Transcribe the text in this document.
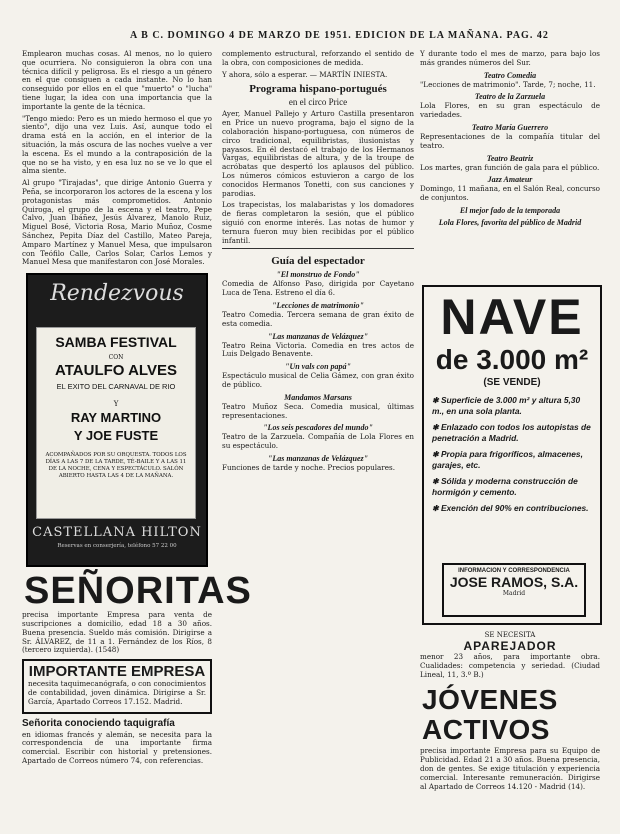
A B C. DOMINGO 4 DE MARZO DE 1951. EDICION DE LA MAÑANA. PAG. 42

Emplearon muchas cosas. Al menos, no lo quiero que ocurriera. No consiguieron la obra con una técnica difícil y peligrosa. Es el riesgo a un género en el que consiguen a cada instante. No lo han conseguido por ellos en el que "muerto" o "lucha" tiene lugar, la idea con una importancia que la importante la gente de la técnica.

"Tengo miedo: Pero es un miedo hermoso el que yo siento", dijo una vez Luis. Así, aunque todo el drama está en la acción, en el interior de la situación, la más oscura de las noches vuelve a ver la escena. Es el mundo a la contraposición de la que no se ha visto, y en esa luz no se ve lo que el alma siente.

Al grupo "Tirajadas", que dirige Antonio Guerra y Peña, se incorporaron los actores de la escena y los protagonistas más comprometidos. Antonio Quiroga, el grupo de la escena y el teatro, Pepe Calvo, Juan Ibáñez, Jesús Álvarez, Manolo Ruiz, Miguel Bosé, Victoria Rosa, Mario Muñoz, Cosme Sánchez, Pepita Díaz del Castillo, Mateo Pareja, Amparo Martínez y Manuel Mesa, que impulsaron con Teófilo Calle, Carlos Solar, Carlos Lemos y Manuel Mesa que manifestaron con José Morales.

Rendezvous
SAMBA FESTIVAL
CON
ATAULFO ALVES
EL EXITO DEL CARNAVAL DE RIO
Y
RAY MARTINO
Y JOE FUSTE
ACOMPAÑADOS POR SU ORQUESTA. TODOS LOS DÍAS A LAS 7 DE LA TARDE, TÉ-BAILE Y A LAS 11 DE LA NOCHE, CENA Y ESPECTÁCULO. SALÓN ABIERTO HASTA LAS 4 DE LA MAÑANA.
CASTELLANA HILTON
Reservas en conserjería, teléfono 57 22 00
SEÑORITAS

precisa importante Empresa para venta de suscripciones a domicilio, edad 18 a 30 años. Buena presencia. Sueldo más comisión. Dirigirse a Sr. ÁLVAREZ, de 11 a 1. Fernández de los Ríos, 8 (tercero izquierda). (1548)

IMPORTANTE EMPRESA

necesita taquimecanógrafa, o con conocimientos de contabilidad, joven dinámica. Dirigirse a Sr. García, Apartado Correos 17.152. Madrid.

Señorita conociendo taquigrafía

en idiomas francés y alemán, se necesita para la correspondencia de una importante firma comercial. Escribir con historial y pretensiones. Apartado de Correos número 74, con referencias.

complemento estructural, reforzando el sentido de la obra, con composiciones de medida.

Y ahora, sólo a esperar. — MARTÍN INIESTA.

Programa hispano-portugués
en el circo Price

Ayer, Manuel Pallejo y Arturo Castilla presentaron en Price un nuevo programa, bajo el signo de la colaboración hispano-portuguesa, con números de circo tradicional, equilibristas, ilusionistas y payasos. En él destacó el trabajo de los Hermanos Vargas, equilibristas de altura, y de la troupe de acróbatas que despertó los aplausos del público. Los números cómicos estuvieron a cargo de los conocidos Hermanos Tonetti, con sus canciones y parodias.

Los trapecistas, los malabaristas y los domadores de fieras completaron la sesión, que el público siguió con enorme interés. Las notas de humor y ternura fueron muy bien recibidas por el público infantil.

Guía del espectador
"El monstruo de Fondo"

Comedia de Alfonso Paso, dirigida por Cayetano Luca de Tena. Estreno el día 6.

"Lecciones de matrimonio"

Teatro Comedia. Tercera semana de gran éxito de esta comedia.

"Las manzanas de Velázquez"

Teatro Reina Victoria. Comedia en tres actos de Luis Delgado Benavente.

"Un vals con papá"

Espectáculo musical de Celia Gámez, con gran éxito de público.

Mandamos Marsans

Teatro Muñoz Seca. Comedia musical, últimas representaciones.

"Los seis pescadores del mundo"

Teatro de la Zarzuela. Compañía de Lola Flores en su espectáculo.

"Las manzanas de Velázquez"

Funciones de tarde y noche. Precios populares.

Y durante todo el mes de marzo, para bajo los más grandes números del Sur.

Teatro Comedia

"Lecciones de matrimonio". Tarde, 7; noche, 11.

Teatro de la Zarzuela

Lola Flores, en su gran espectáculo de variedades.

Teatro María Guerrero

Representaciones de la compañía titular del teatro.

Teatro Beatriz

Los martes, gran función de gala para el público.

Jazz Amateur

Domingo, 11 mañana, en el Salón Real, concurso de conjuntos.

El mejor fado de la temporada
Lola Flores, favorita del público de Madrid
NAVE
de 3.000 m²
(SE VENDE)
✱ Superficie de 3.000 m² y altura 5,30 m., en una sola planta.
✱ Enlazado con todos los autopistas de penetración a Madrid.
✱ Propia para frigoríficos, almacenes, garajes, etc.
✱ Sólida y moderna construcción de hormigón y cemento.
✱ Exención del 90% en contribuciones.
INFORMACION Y CORRESPONDENCIA
JOSE RAMOS, S.A.
Madrid
SE NECESITA
APAREJADOR

menor 23 años, para importante obra. Cualidades: competencia y seriedad. (Ciudad Lineal, 11, 3.º B.)

JÓVENES ACTIVOS

precisa importante Empresa para su Equipo de Publicidad. Edad 21 a 30 años. Buena presencia, don de gentes. Se exige titulación y experiencia comercial. Interesante remuneración. Dirigirse al Apartado de Correos 14.120 - Madrid (14).
